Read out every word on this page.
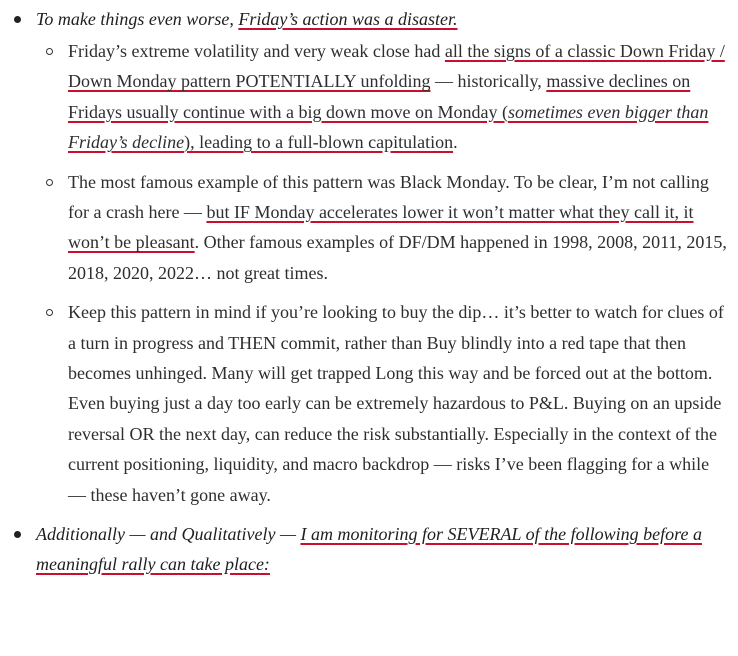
To make things even worse, Friday’s action was a disaster.

Friday’s extreme volatility and very weak close had all the signs of a classic Down Friday / Down Monday pattern POTENTIALLY unfolding — historically, massive declines on Fridays usually continue with a big down move on Monday (sometimes even bigger than Friday’s decline), leading to a full-blown capitulation.

The most famous example of this pattern was Black Monday. To be clear, I’m not calling for a crash here — but IF Monday accelerates lower it won’t matter what they call it, it won’t be pleasant. Other famous examples of DF/DM happened in 1998, 2008, 2011, 2015, 2018, 2020, 2022… not great times.

Keep this pattern in mind if you’re looking to buy the dip… it’s better to watch for clues of a turn in progress and THEN commit, rather than Buy blindly into a red tape that then becomes unhinged. Many will get trapped Long this way and be forced out at the bottom. Even buying just a day too early can be extremely hazardous to P&L. Buying on an upside reversal OR the next day, can reduce the risk substantially. Especially in the context of the current positioning, liquidity, and macro backdrop — risks I’ve been flagging for a while — these haven’t gone away.

Additionally — and Qualitatively — I am monitoring for SEVERAL of the following before a meaningful rally can take place:
